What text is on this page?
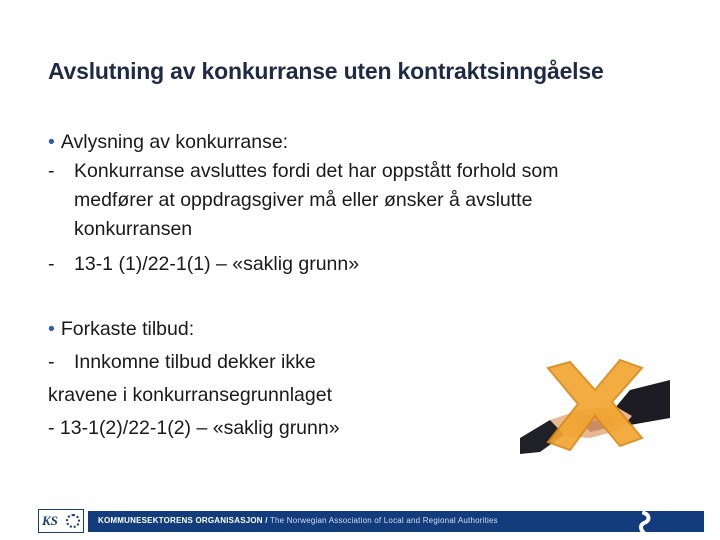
Avslutning av konkurranse uten kontraktsinngåelse
• Avlysning av konkurranse:
- Konkurranse avsluttes fordi det har oppstått forhold som
medfører at oppdragsgiver må eller ønsker å avslutte
konkurransen
- 13-1 (1)/22-1(1) – «saklig grunn»
• Forkaste tilbud:
- Innkomne tilbud dekker ikke
kravene i konkurransegrunnlaget
- 13-1(2)/22-1(2) – «saklig grunn»
KS	KOMMUNESEKTORENS ORGANISASJON / The Norwegian Association of Local and Regional Authorities
